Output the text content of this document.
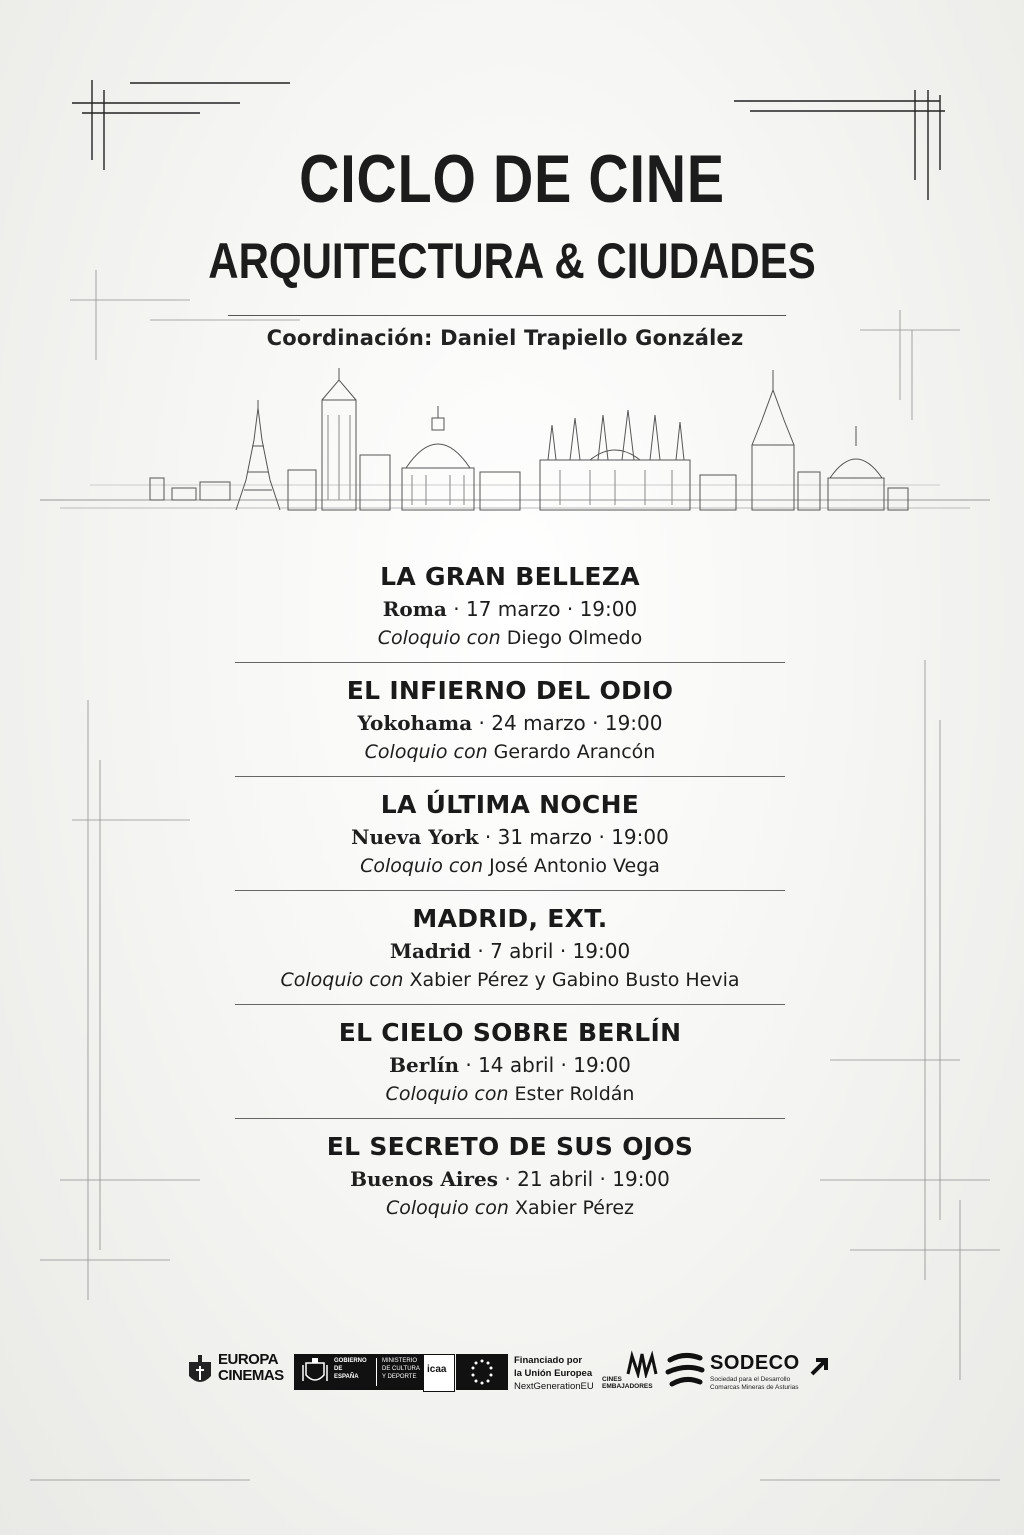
CICLO DE CINE
ARQUITECTURA & CIUDADES
Coordinación: Daniel Trapiello González
LA GRAN BELLEZA
Roma · 17 marzo · 19:00
Coloquio con Diego Olmedo
EL INFIERNO DEL ODIO
Yokohama · 24 marzo · 19:00
Coloquio con Gerardo Arancón
LA ÚLTIMA NOCHE
Nueva York · 31 marzo · 19:00
Coloquio con José Antonio Vega
MADRID, EXT.
Madrid · 7 abril · 19:00
Coloquio con Xabier Pérez y Gabino Busto Hevia
EL CIELO SOBRE BERLÍN
Berlín · 14 abril · 19:00
Coloquio con Ester Roldán
EL SECRETO DE SUS OJOS
Buenos Aires · 21 abril · 19:00
Coloquio con Xabier Pérez
EUROPA
CINEMAS
GOBIERNO
DE
ESPAÑA
MINISTERIO
DE CULTURA
Y DEPORTE
icaa
Financiado por
la Unión Europea
NextGenerationEU
CINES
EMBAJADORES
SODECO
Sociedad para el Desarrollo
Comarcas Mineras de Asturias
